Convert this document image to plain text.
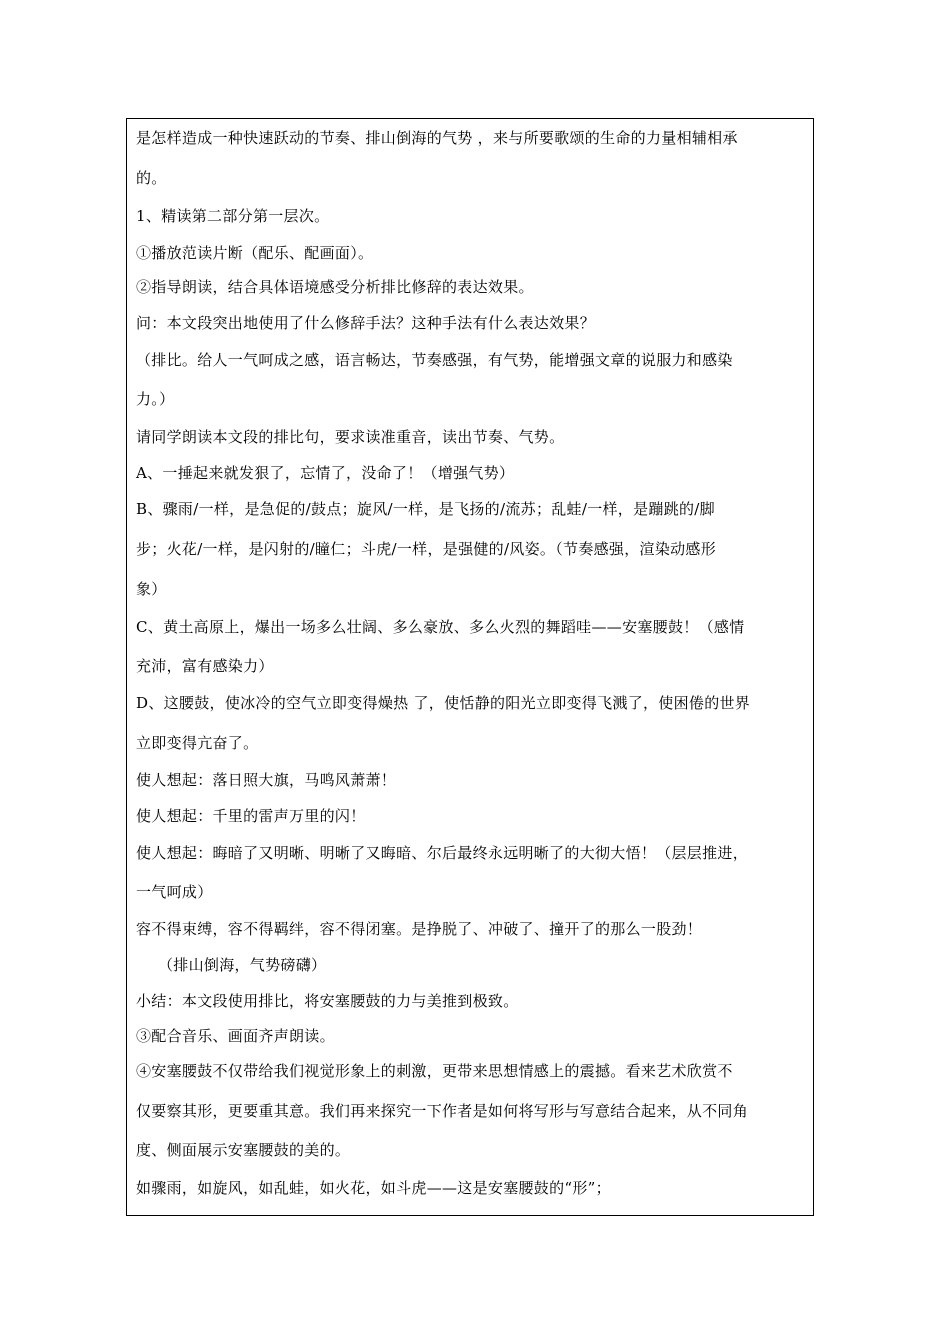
是怎样造成一种快速跃动的节奏、排山倒海的气势 ，来与所要歌颂的生命的力量相辅相承
的。
1、精读第二部分第一层次。
①播放范读片断（配乐、配画面）。
②指导朗读，结合具体语境感受分析排比修辞的表达效果。
问：本文段突出地使用了什么修辞手法？这种手法有什么表达效果？
（排比。给人一气呵成之感，语言畅达，节奏感强，有气势，能增强文章的说服力和感染
力。）
请同学朗读本文段的排比句，要求读准重音，读出节奏、气势。
A、一捶起来就发狠了，忘情了，没命了！（增强气势）
B、骤雨/一样，是急促的/鼓点；旋风/一样，是飞扬的/流苏；乱蛙/一样，是蹦跳的/脚
步；火花/一样，是闪射的/瞳仁；斗虎/一样，是强健的/风姿。（节奏感强，渲染动感形
象）
C、黄土高原上，爆出一场多么壮阔、多么豪放、多么火烈的舞蹈哇——安塞腰鼓！（感情
充沛，富有感染力）
D、这腰鼓，使冰冷的空气立即变得燥热 了，使恬静的阳光立即变得飞溅了，使困倦的世界
立即变得亢奋了。
使人想起：落日照大旗，马鸣风萧萧！
使人想起：千里的雷声万里的闪！
使人想起：晦暗了又明晰、明晰了又晦暗、尔后最终永远明晰了的大彻大悟！（层层推进，
一气呵成）
容不得束缚，容不得羁绊，容不得闭塞。是挣脱了、冲破了、撞开了的那么一股劲！
（排山倒海，气势磅礴）
小结：本文段使用排比，将安塞腰鼓的力与美推到极致。
③配合音乐、画面齐声朗读。
④安塞腰鼓不仅带给我们视觉形象上的刺激，更带来思想情感上的震撼。看来艺术欣赏不
仅要察其形，更要重其意。我们再来探究一下作者是如何将写形与写意结合起来，从不同角
度、侧面展示安塞腰鼓的美的。
如骤雨，如旋风，如乱蛙，如火花，如斗虎——这是安塞腰鼓的“形”；
